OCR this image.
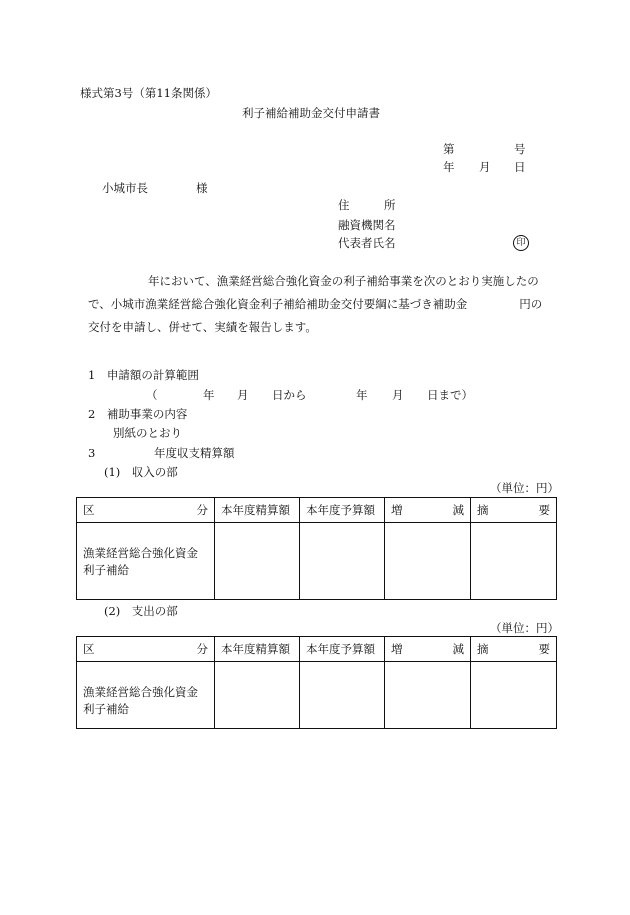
様式第3号（第11条関係）
利子補給補助金交付申請書
第	号
年 月 日
小城市長	様
住	所
融資機関名
代表者氏名	印
年において、漁業経営総合強化資金の利子補給事業を次のとおり実施したの
で、小城市漁業経営総合強化資金利子補給補助金交付要綱に基づき補助金	円の
交付を申請し、併せて、実績を報告します。
1　申請額の計算範囲
（	年 月 日から	年 月 日まで）
2　補助事業の内容
別紙のとおり
3	年度収支精算額
(1)　収入の部
（単位：円）
区 分	本年度精算額	本年度予算額	増 減	摘 要

漁業経営総合強化資金
利子補給				

(2)　支出の部
（単位：円）
区 分	本年度精算額	本年度予算額	増 減	摘 要

漁業経営総合強化資金
利子補給				
